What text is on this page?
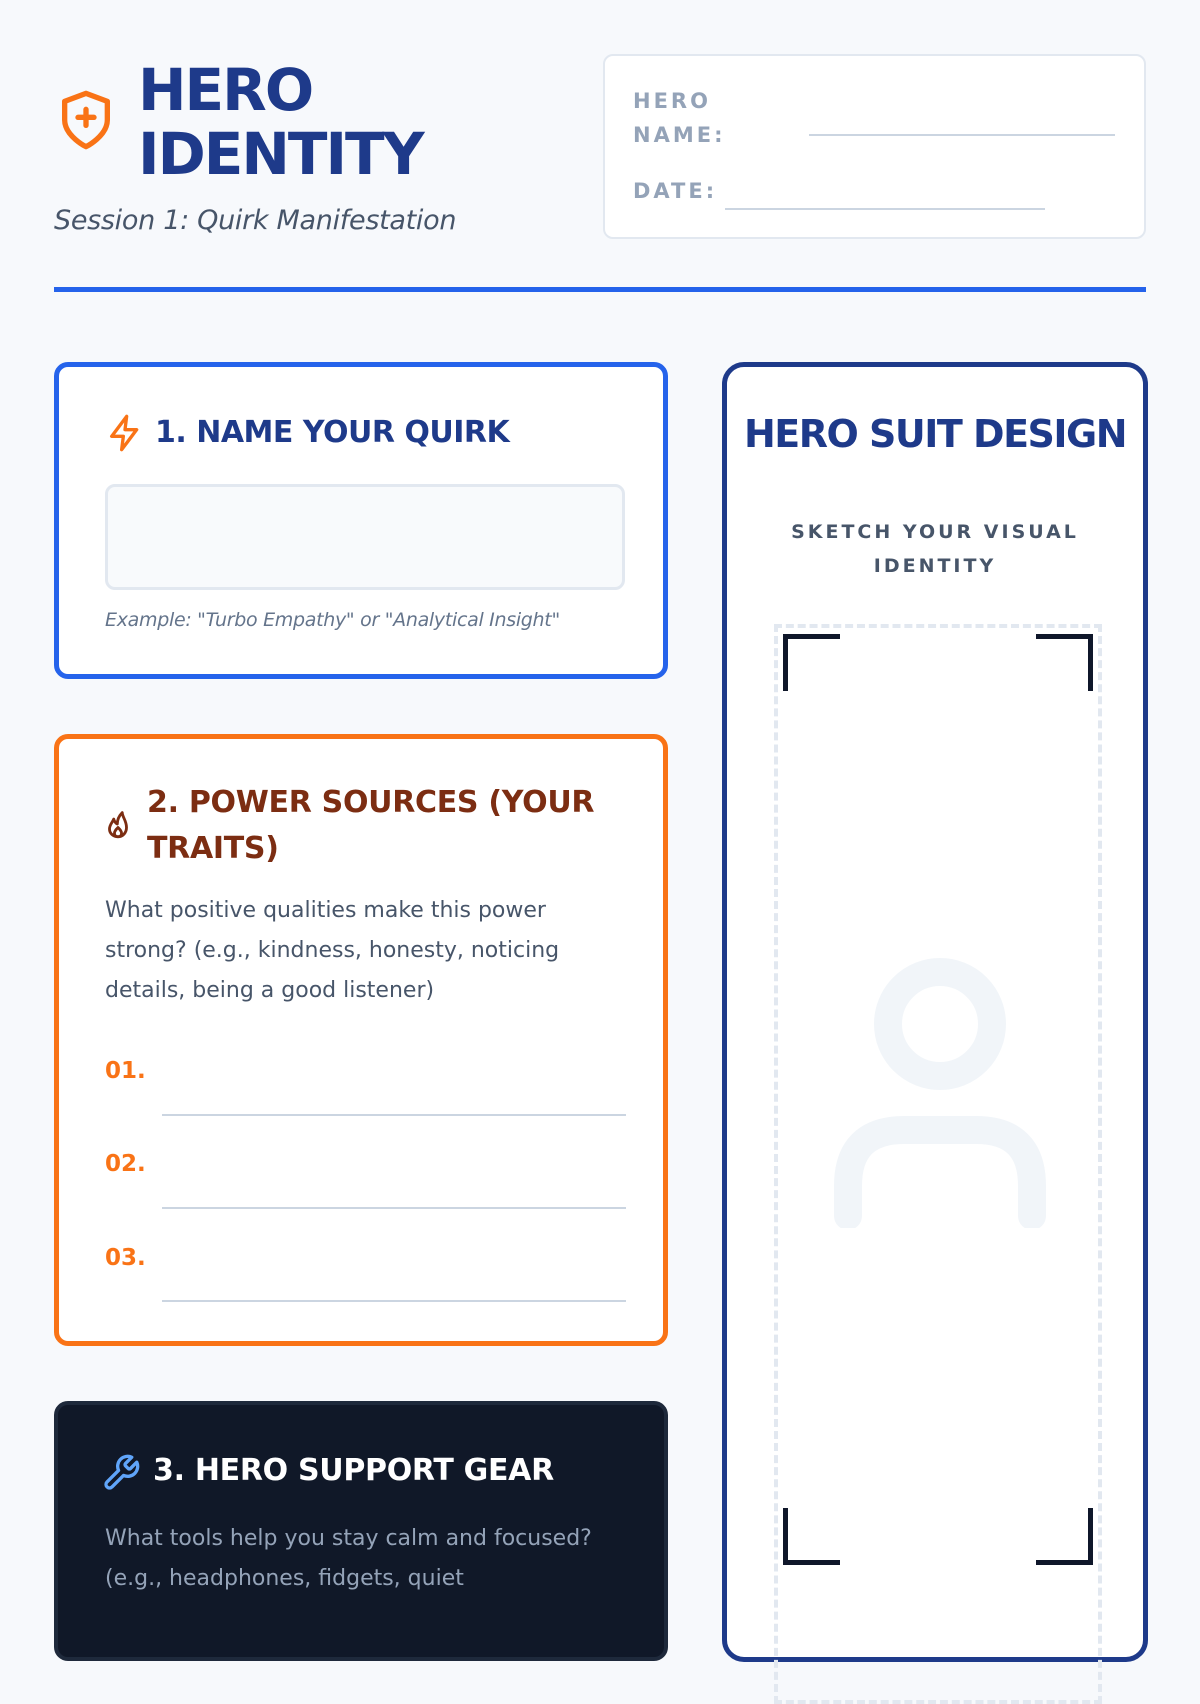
HERO
IDENTITY
Session 1: Quirk Manifestation
HERO NAME:
DATE:
1. NAME YOUR QUIRK
Example: "Turbo Empathy" or "Analytical Insight"
2. POWER SOURCES (YOUR TRAITS)
What positive qualities make this power strong? (e.g., kindness, honesty, noticing details, being a good listener)
01.
02.
03.
3. HERO SUPPORT GEAR
What tools help you stay calm and focused? (e.g., headphones, fidgets, quiet
HERO SUIT DESIGN
SKETCH YOUR VISUAL IDENTITY
